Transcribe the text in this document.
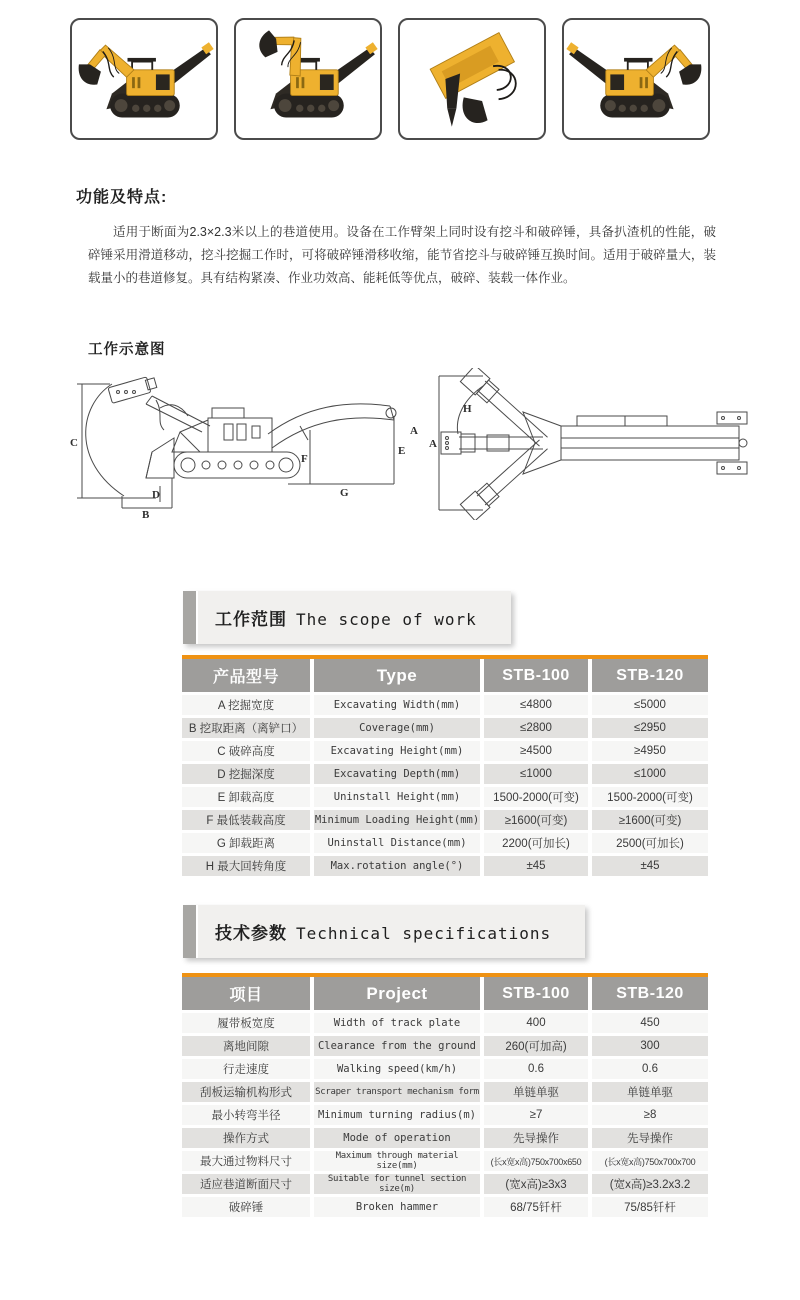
功能及特点:
适用于断面为2.3×2.3米以上的巷道使用。设备在工作臂架上同时设有挖斗和破碎锤，具备扒渣机的性能，破碎锤采用滑道移动，挖斗挖掘工作时，可将破碎锤滑移收缩，能节省挖斗与破碎锤互换时间。适用于破碎量大，装载量小的巷道修复。具有结构紧凑、作业功效高、能耗低等优点，破碎、装载一体作业。
工作示意图
C
B
D
F
G
E
A
A
H
工作范围 The scope of work
产品型号	Type	STB-100	STB-120
A 挖掘宽度	Excavating Width(mm)	≤4800	≤5000
B 挖取距离（离铲口）	Coverage(mm)	≤2800	≤2950
C 破碎高度	Excavating Height(mm)	≥4500	≥4950
D 挖掘深度	Excavating Depth(mm)	≤1000	≤1000
E 卸载高度	Uninstall Height(mm)	1500-2000(可变)	1500-2000(可变)
F 最低装载高度	Minimum Loading Height(mm)	≥1600(可变)	≥1600(可变)
G 卸载距离	Uninstall Distance(mm)	2200(可加长)	2500(可加长)
H 最大回转角度	Max.rotation angle(°)	±45	±45
技术参数 Technical specifications
项目	Project	STB-100	STB-120
履带板宽度	Width of track plate	400	450
离地间隙	Clearance from the ground	260(可加高)	300
行走速度	Walking speed(km/h)	0.6	0.6
刮板运输机构形式	Scraper transport mechanism form	单链单驱	单链单驱
最小转弯半径	Minimum turning radius(m)	≥7	≥8
操作方式	Mode of operation	先导操作	先导操作
最大通过物料尺寸	Maximum through material size(mm)	(长x宽x高)750x700x650	(长x宽x高)750x700x700
适应巷道断面尺寸	Suitable for tunnel section size(m)	(宽x高)≥3x3	(宽x高)≥3.2x3.2
破碎锤	Broken hammer	68/75钎杆	75/85钎杆
